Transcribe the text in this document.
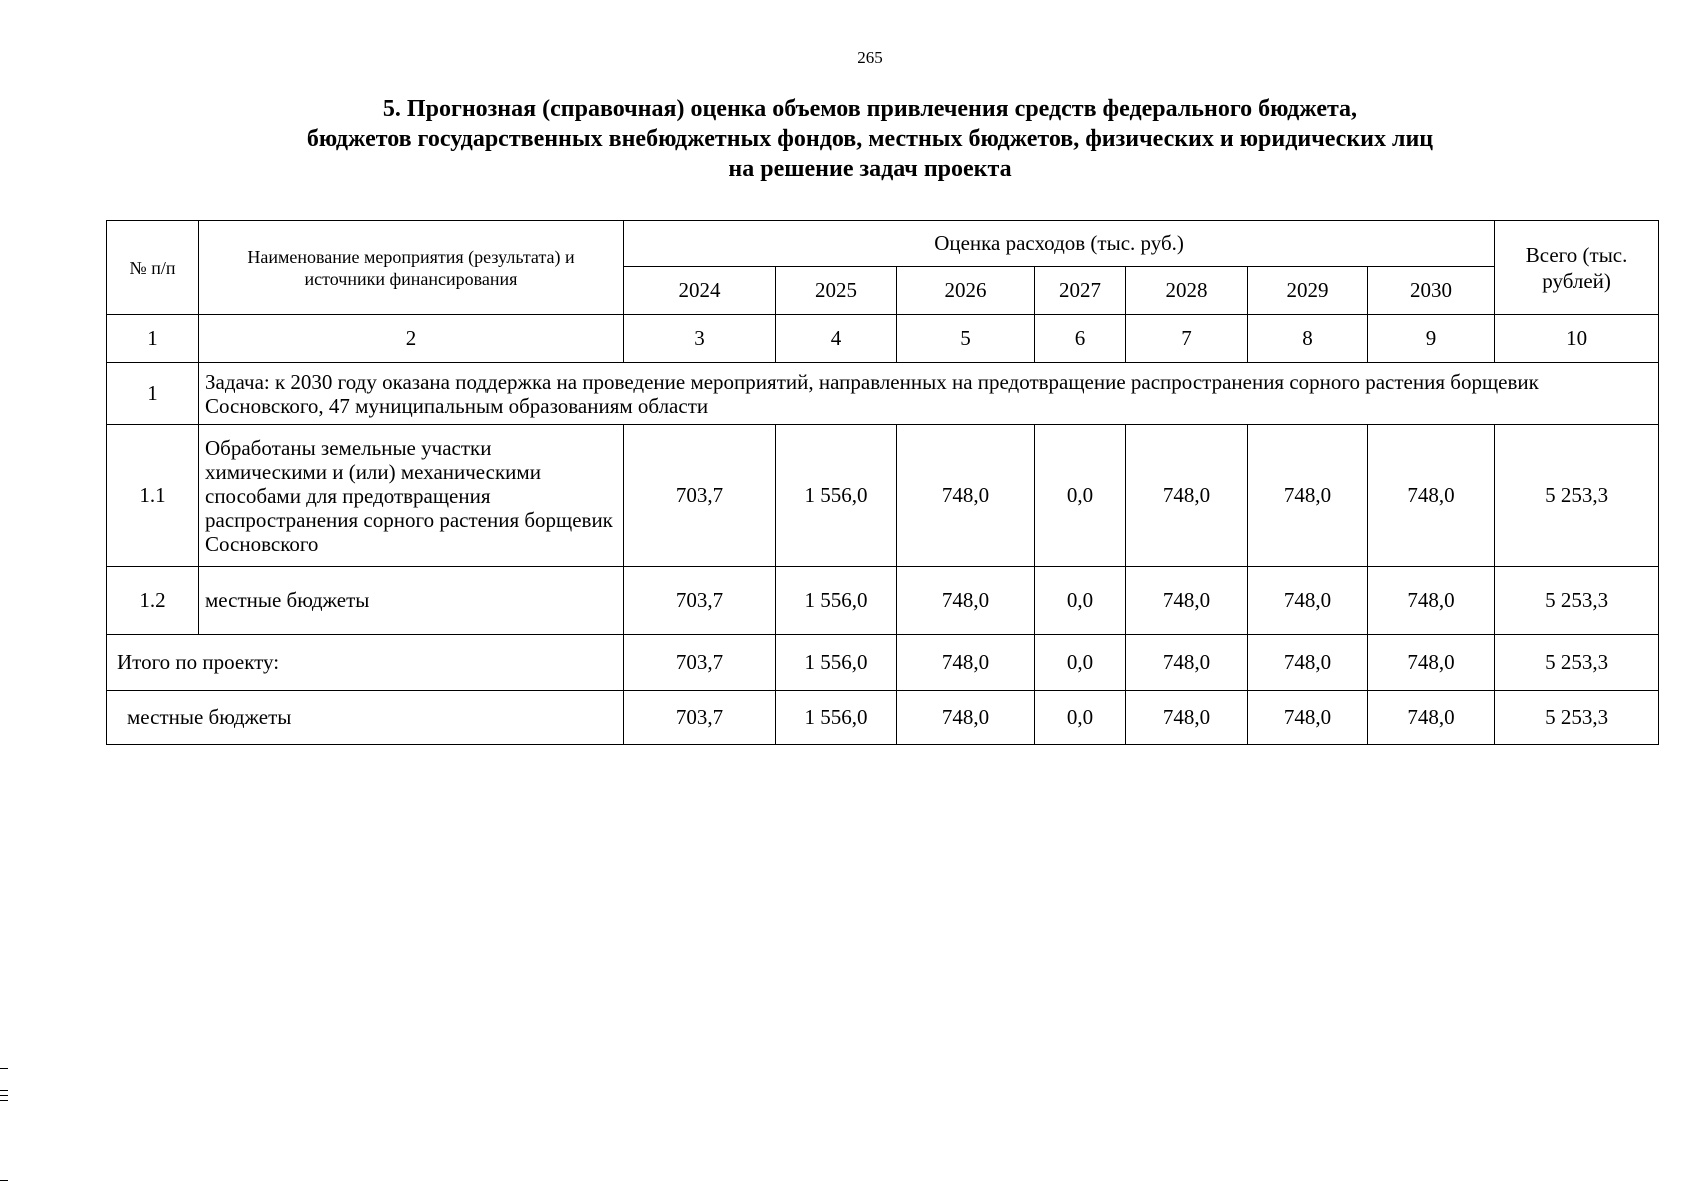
265
5. Прогнозная (справочная) оценка объемов привлечения средств федерального бюджета,
бюджетов государственных внебюджетных фондов, местных бюджетов, физических и юридических лиц
на решение задач проекта
№ п/п	Наименование мероприятия (результата) и источники финансирования	Оценка расходов (тыс. руб.)							Всего (тыс. рублей)
		2024	2025	2026	2027	2028	2029	2030	
1	2	3	4	5	6	7	8	9	10
1	Задача: к 2030 году оказана поддержка на проведение мероприятий, направленных на предотвращение распространения сорного растения борщевик Сосновского, 47 муниципальным образованиям области								
1.1	Обработаны земельные участки химическими и (или) механическими способами для предотвращения распространения сорного растения борщевик Сосновского	703,7	1 556,0	748,0	0,0	748,0	748,0	748,0	5 253,3
1.2	местные бюджеты	703,7	1 556,0	748,0	0,0	748,0	748,0	748,0	5 253,3
Итого по проекту:		703,7	1 556,0	748,0	0,0	748,0	748,0	748,0	5 253,3
местные бюджеты		703,7	1 556,0	748,0	0,0	748,0	748,0	748,0	5 253,3
